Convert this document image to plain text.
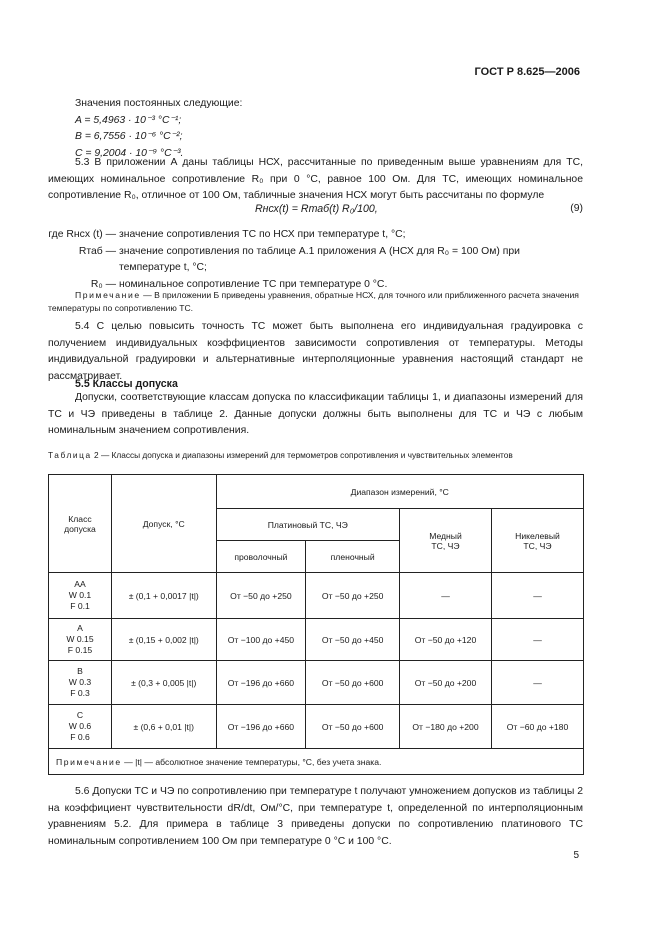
ГОСТ Р 8.625—2006

Значения постоянных следующие:

A = 5,4963 · 10⁻³ °C⁻¹;

B = 6,7556 · 10⁻⁶ °C⁻²;

C = 9,2004 · 10⁻⁹ °C⁻³.

5.3 В приложении А даны таблицы НСХ, рассчитанные по приведенным выше уравнениям для ТС, имеющих номинальное сопротивление R₀ при 0 °С, равное 100 Ом. Для ТС, имеющих номинальное сопротивление R₀, отличное от 100 Ом, табличные значения НСХ могут быть рассчитаны по формуле

Rнсх(t) = Rтаб(t) R₀/100,	(9)
где Rнсх (t) — значение сопротивления ТС по НСХ при температуре t, °С;
Rтаб — значение сопротивления по таблице А.1 приложения А (НСХ для R₀ = 100 Ом) при температуре t, °С;
R₀ — номинальное сопротивление ТС при температуре 0 °С.
Примечание — В приложении Б приведены уравнения, обратные НСХ, для точного или приближенного расчета значения температуры по сопротивлению ТС.

5.4 С целью повысить точность ТС может быть выполнена его индивидуальная градуировка с получением индивидуальных коэффициентов зависимости сопротивления от температуры. Методы индивидуальной градуировки и альтернативные интерполяционные уравнения настоящий стандарт не рассматривает.

5.5 Классы допуска

Допуски, соответствующие классам допуска по классификации таблицы 1, и диапазоны измерений для ТС и ЧЭ приведены в таблице 2. Данные допуски должны быть выполнены для ТС и ЧЭ с любым номинальным значением сопротивления.

Таблица 2 — Классы допуска и диапазоны измерений для термометров сопротивления и чувствительных элементов
Класс допуска	Допуск, °С	Диапазон измерений, °С			
		Платиновый ТС, ЧЭ		Медный ТС, ЧЭ	Никелевый ТС, ЧЭ
		проволочный	пленочный		

AA
W 0.1
F 0.1	± (0,1 + 0,0017 |t|)	От −50 до +250	От −50 до +250	—	—

A
W 0.15
F 0.15	± (0,15 + 0,002 |t|)	От −100 до +450	От −50 до +450	От −50 до +120	—

B
W 0.3
F 0.3	± (0,3 + 0,005 |t|)	От −196 до +660	От −50 до +600	От −50 до +200	—

C
W 0.6
F 0.6	± (0,6 + 0,01 |t|)	От −196 до +660	От −50 до +600	От −180 до +200	От −60 до +180
Примечание — |t| — абсолютное значение температуры, °С, без учета знака.					

5.6 Допуски ТС и ЧЭ по сопротивлению при температуре t получают умножением допусков из таблицы 2 на коэффициент чувствительности dR/dt, Ом/°С, при температуре t, определенной по интерполяционным уравнениям 5.2. Для примера в таблице 3 приведены допуски по сопротивлению платинового ТС номинальным сопротивлением 100 Ом при температуре 0 °С и 100 °С.

5
